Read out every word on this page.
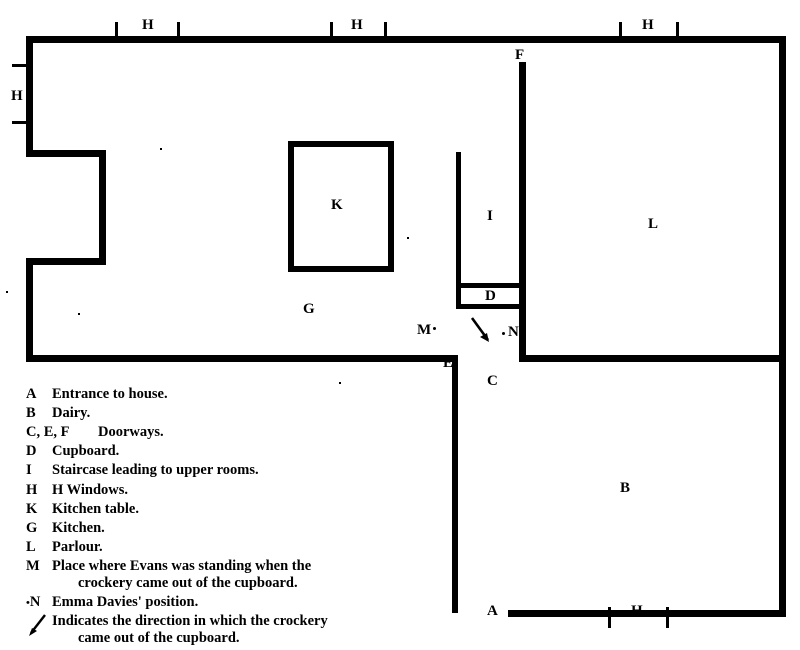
K
G
L
B
I
D
F
E
C
A
M	N
H	H	H
H
H
A	Entrance to house.
B	Dairy.
C, E, F	Doorways.
D	Cupboard.
I	Staircase leading to upper rooms.
H	H Windows.
K	Kitchen table.
G	Kitchen.
L	Parlour.
M Place where Evans was standing when the
crockery came out of the cupboard.
•N Emma Davies' position.
Indicates the direction in which the crockery
came out of the cupboard.
